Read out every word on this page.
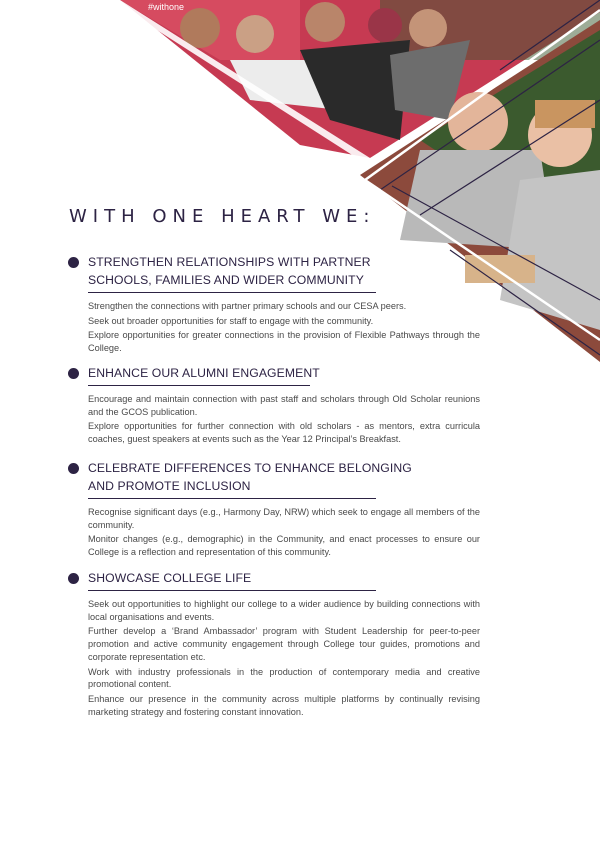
#withone
WITH ONE HEART WE:
STRENGTHEN RELATIONSHIPS WITH PARTNER
SCHOOLS, FAMILIES AND WIDER COMMUNITY

Strengthen the connections with partner primary schools and our CESA peers.

Seek out broader opportunities for staff to engage with the community.

Explore opportunities for greater connections in the provision of Flexible Pathways through the College.

ENHANCE OUR ALUMNI ENGAGEMENT

Encourage and maintain connection with past staff and scholars through Old Scholar reunions and the GCOS publication.

Explore opportunities for further connection with old scholars - as mentors, extra curricula coaches, guest speakers at events such as the Year 12 Principal’s Breakfast.

CELEBRATE DIFFERENCES TO ENHANCE BELONGING
AND PROMOTE INCLUSION

Recognise significant days (e.g., Harmony Day, NRW) which seek to engage all members of the community.

Monitor changes (e.g., demographic) in the Community, and enact processes to ensure our College is a reflection and representation of this community.

SHOWCASE COLLEGE LIFE

Seek out opportunities to highlight our college to a wider audience by building connections with local organisations and events.

Further develop a ‘Brand Ambassador’ program with Student Leadership for peer-to-peer promotion and active community engagement through College tour guides, promotions and corporate representation etc.

Work with industry professionals in the production of contemporary media and creative promotional content.

Enhance our presence in the community across multiple platforms by continually revising marketing strategy and fostering constant innovation.
